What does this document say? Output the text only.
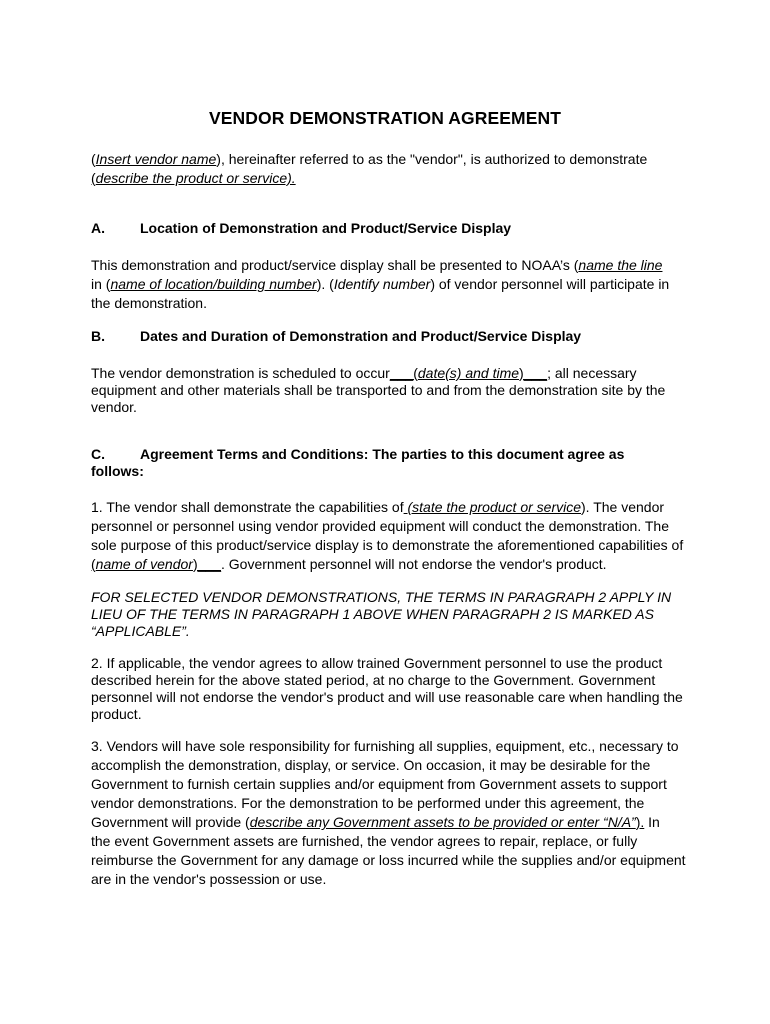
VENDOR DEMONSTRATION AGREEMENT
(Insert vendor name), hereinafter referred to as the "vendor", is authorized to demonstrate
(describe the product or service).
A.	Location of Demonstration and Product/Service Display
This demonstration and product/service display shall be presented to NOAA’s (name the line
in (name of location/building number). (Identify number) of vendor personnel will participate in
the demonstration.
B.	Dates and Duration of Demonstration and Product/Service Display
The vendor demonstration is scheduled to occur___(date(s) and time)___; all necessary
equipment and other materials shall be transported to and from the demonstration site by the
vendor.
C.	Agreement Terms and Conditions: The parties to this document agree as
follows:
1. The vendor shall demonstrate the capabilities of (state the product or service). The vendor
personnel or personnel using vendor provided equipment will conduct the demonstration. The
sole purpose of this product/service display is to demonstrate the aforementioned capabilities of
(name of vendor)___. Government personnel will not endorse the vendor's product.
FOR SELECTED VENDOR DEMONSTRATIONS, THE TERMS IN PARAGRAPH 2 APPLY IN
LIEU OF THE TERMS IN PARAGRAPH 1 ABOVE WHEN PARAGRAPH 2 IS MARKED AS
“APPLICABLE”.
2. If applicable, the vendor agrees to allow trained Government personnel to use the product
described herein for the above stated period, at no charge to the Government. Government
personnel will not endorse the vendor's product and will use reasonable care when handling the
product.
3. Vendors will have sole responsibility for furnishing all supplies, equipment, etc., necessary to
accomplish the demonstration, display, or service. On occasion, it may be desirable for the
Government to furnish certain supplies and/or equipment from Government assets to support
vendor demonstrations. For the demonstration to be performed under this agreement, the
Government will provide (describe any Government assets to be provided or enter “N/A”). In
the event Government assets are furnished, the vendor agrees to repair, replace, or fully
reimburse the Government for any damage or loss incurred while the supplies and/or equipment
are in the vendor's possession or use.
